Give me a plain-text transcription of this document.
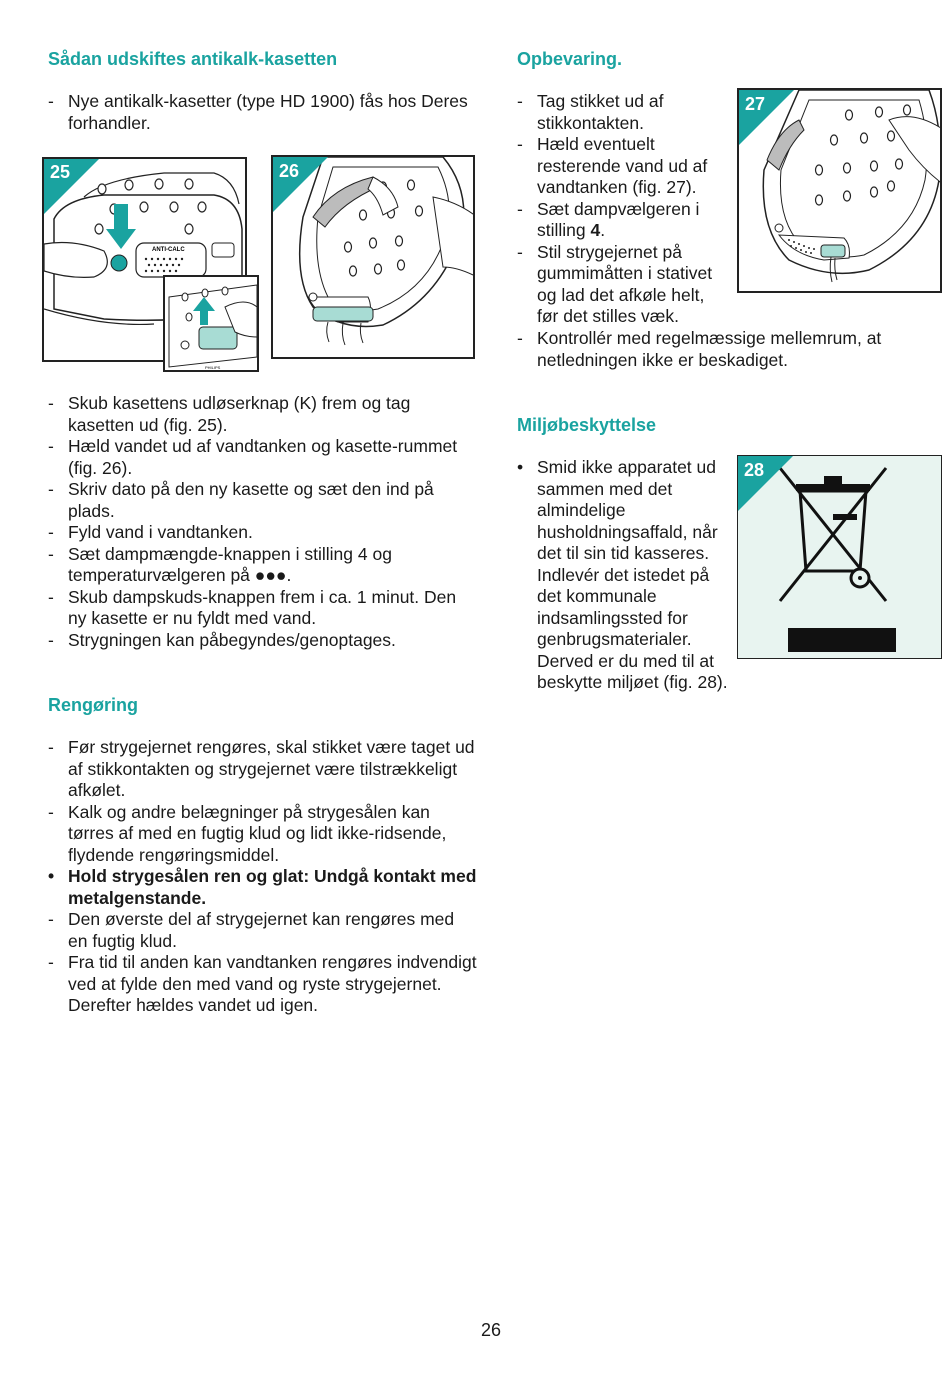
Sådan udskiftes antikalk-kasetten
- Nye antikalk-kasetter (type HD 1900) fås hos Deres forhandler.
ANTI-CALC
25
PHILIPS
26
- Skub kasettens udløserknap (K) frem og tag kasetten ud (fig. 25).
- Hæld vandet ud af vandtanken og kasette-rummet (fig. 26).
- Skriv dato på den ny kasette og sæt den ind på plads.
- Fyld vand i vandtanken.
- Sæt dampmængde-knappen i stilling 4 og temperaturvælgeren på ●●●.
- Skub dampskuds-knappen frem i ca. 1 minut. Den ny kasette er nu fyldt med vand.
- Strygningen kan påbegyndes/genoptages.
Rengøring
- Før strygejernet rengøres, skal stikket være taget ud af stikkontakten og strygejernet være tilstrækkeligt afkølet.
- Kalk og andre belægninger på strygesålen kan tørres af med en fugtig klud og lidt ikke-ridsende, flydende rengøringsmiddel.
• Hold strygesålen ren og glat: Undgå kontakt med metalgenstande.
- Den øverste del af strygejernet kan rengøres med en fugtig klud.
- Fra tid til anden kan vandtanken rengøres indvendigt ved at fylde den med vand og ryste strygejernet. Derefter hældes vandet ud igen.
Opbevaring.
27
- Tag stikket ud af stikkontakten.
- Hæld eventuelt resterende vand ud af vandtanken (fig. 27).
- Sæt dampvælgeren i stilling 4.
- Stil strygejernet på gummimåtten i stativet og lad det afkøle helt, før det stilles væk.
- Kontrollér med regelmæssige mellemrum, at netledningen ikke er beskadiget.
Miljøbeskyttelse
28
• Smid ikke apparatet ud sammen med det almindelige husholdningsaffald, når det til sin tid kasseres. Indlevér det istedet på det kommunale indsamlingssted for genbrugsmaterialer. Derved er du med til at beskytte miljøet (fig. 28).
26
